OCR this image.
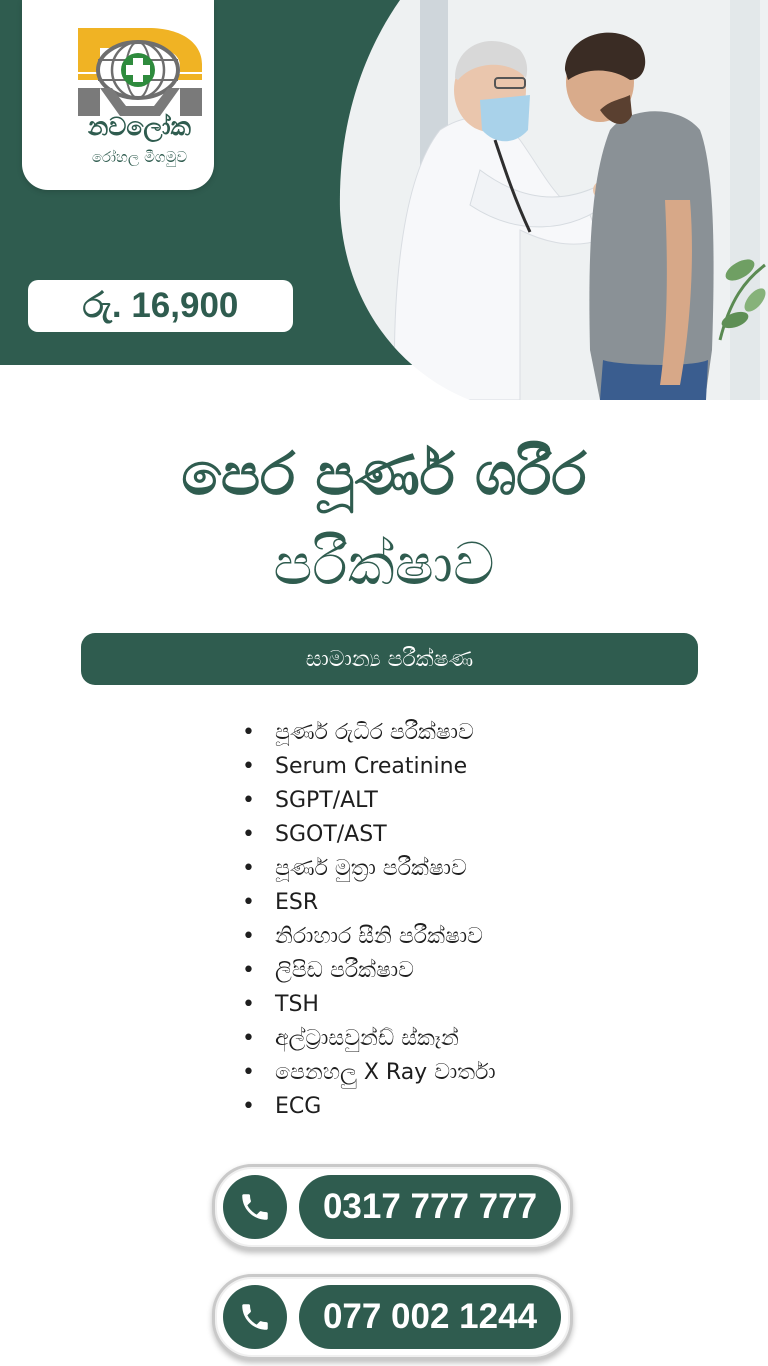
නවලෝක
රෝහල මීගමුව
රු. 16,900
පෙර පූර්ණ ශරීර
පරීක්ෂාව
සාමාන්‍ය පරීක්ෂණ
• පූර්ණ රුධිර පරීක්ෂාව
• Serum Creatinine
• SGPT/ALT
• SGOT/AST
• පූර්ණ මුත්‍රා පරීක්ෂාව
• ESR
• නිරාහාර සීනි පරීක්ෂාව
• ලිපිඩ පරීක්ෂාව
• TSH
• අල්ට්‍රාසවුන්ඩ් ස්කෑන්
• පෙනහලු X Ray වාර්තා
• ECG
0317 777 777
077 002 1244
